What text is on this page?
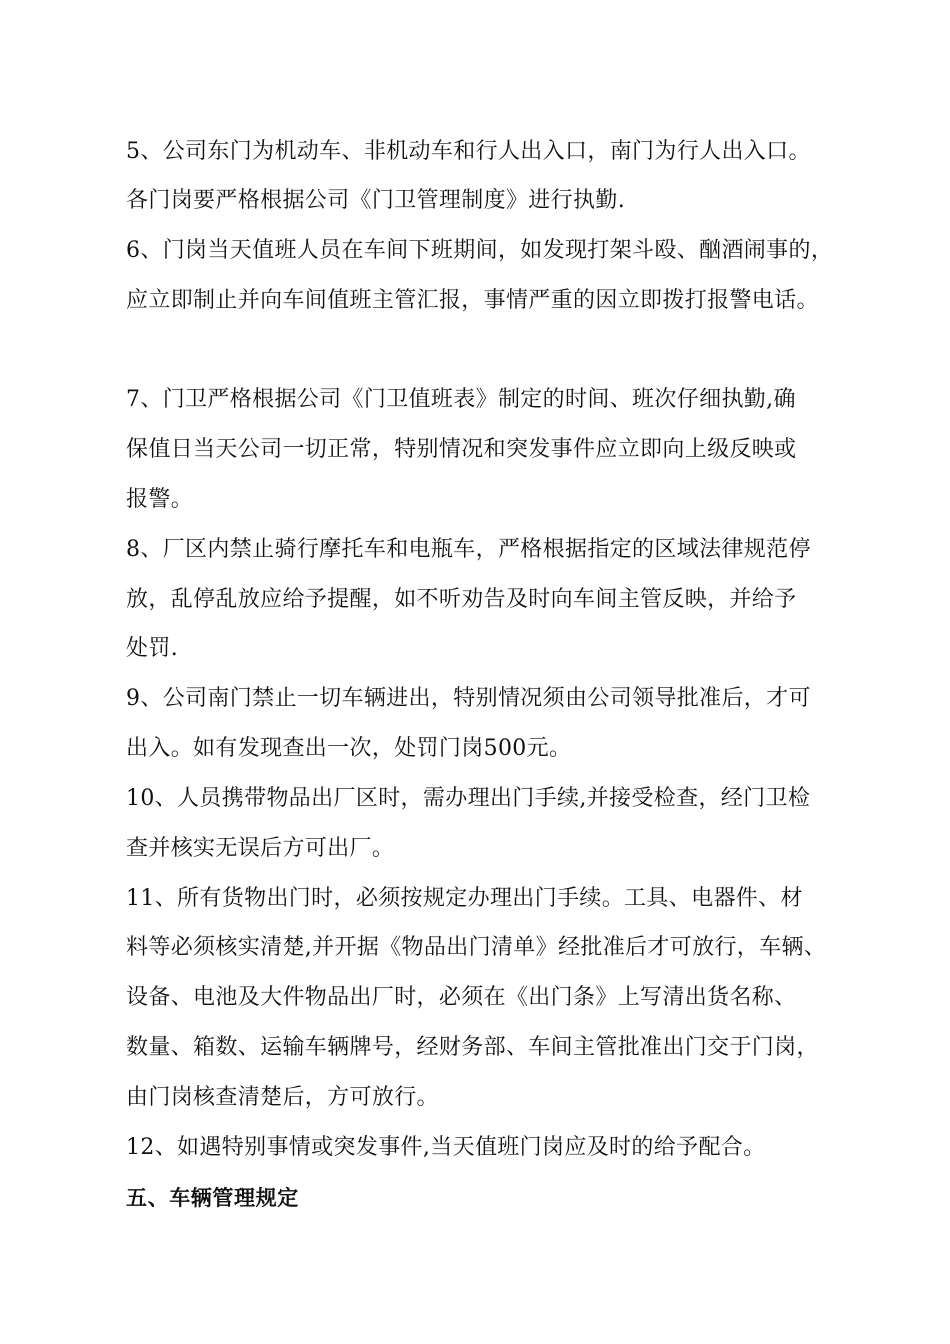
5、公司东门为机动车、非机动车和行人出入口，南门为行人出入口。
各门岗要严格根据公司《门卫管理制度》进行执勤.
6、门岗当天值班人员在车间下班期间，如发现打架斗殴、酗酒闹事的，
应立即制止并向车间值班主管汇报，事情严重的因立即拨打报警电话。
7、门卫严格根据公司《门卫值班表》制定的时间、班次仔细执勤,确
保值日当天公司一切正常，特别情况和突发事件应立即向上级反映或
报警。
8、厂区内禁止骑行摩托车和电瓶车，严格根据指定的区域法律规范停
放，乱停乱放应给予提醒，如不听劝告及时向车间主管反映，并给予
处罚.
9、公司南门禁止一切车辆进出，特别情况须由公司领导批准后，才可
出入。如有发现查出一次，处罚门岗500元。
10、人员携带物品出厂区时，需办理出门手续,并接受检查，经门卫检
查并核实无误后方可出厂。
11、所有货物出门时，必须按规定办理出门手续。工具、电器件、材
料等必须核实清楚,并开据《物品出门清单》经批准后才可放行，车辆、
设备、电池及大件物品出厂时，必须在《出门条》上写清出货名称、
数量、箱数、运输车辆牌号，经财务部、车间主管批准出门交于门岗，
由门岗核查清楚后，方可放行。
12、如遇特别事情或突发事件,当天值班门岗应及时的给予配合。
五、车辆管理规定
